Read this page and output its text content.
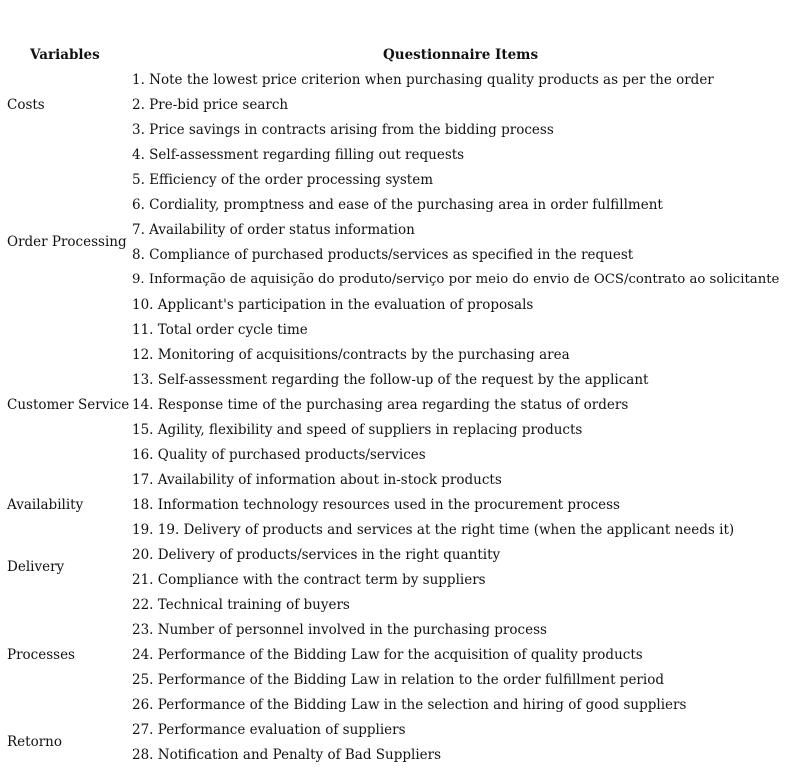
Variables	Questionnaire Items
Costs
Order Processing
Customer Service
Availability
Delivery
Processes
Retorno
1. Note the lowest price criterion when purchasing quality products as per the order
2. Pre-bid price search
3. Price savings in contracts arising from the bidding process
4. Self-assessment regarding filling out requests
5. Efficiency of the order processing system
6. Cordiality, promptness and ease of the purchasing area in order fulfillment
7. Availability of order status information
8. Compliance of purchased products/services as specified in the request
9. Informação de aquisição do produto/serviço por meio do envio de OCS/contrato ao solicitante
10. Applicant's participation in the evaluation of proposals
11. Total order cycle time
12. Monitoring of acquisitions/contracts by the purchasing area
13. Self-assessment regarding the follow-up of the request by the applicant
14. Response time of the purchasing area regarding the status of orders
15. Agility, flexibility and speed of suppliers in replacing products
16. Quality of purchased products/services
17. Availability of information about in-stock products
18. Information technology resources used in the procurement process
19. 19. Delivery of products and services at the right time (when the applicant needs it)
20. Delivery of products/services in the right quantity
21. Compliance with the contract term by suppliers
22. Technical training of buyers
23. Number of personnel involved in the purchasing process
24. Performance of the Bidding Law for the acquisition of quality products
25. Performance of the Bidding Law in relation to the order fulfillment period
26. Performance of the Bidding Law in the selection and hiring of good suppliers
27. Performance evaluation of suppliers
28. Notification and Penalty of Bad Suppliers
